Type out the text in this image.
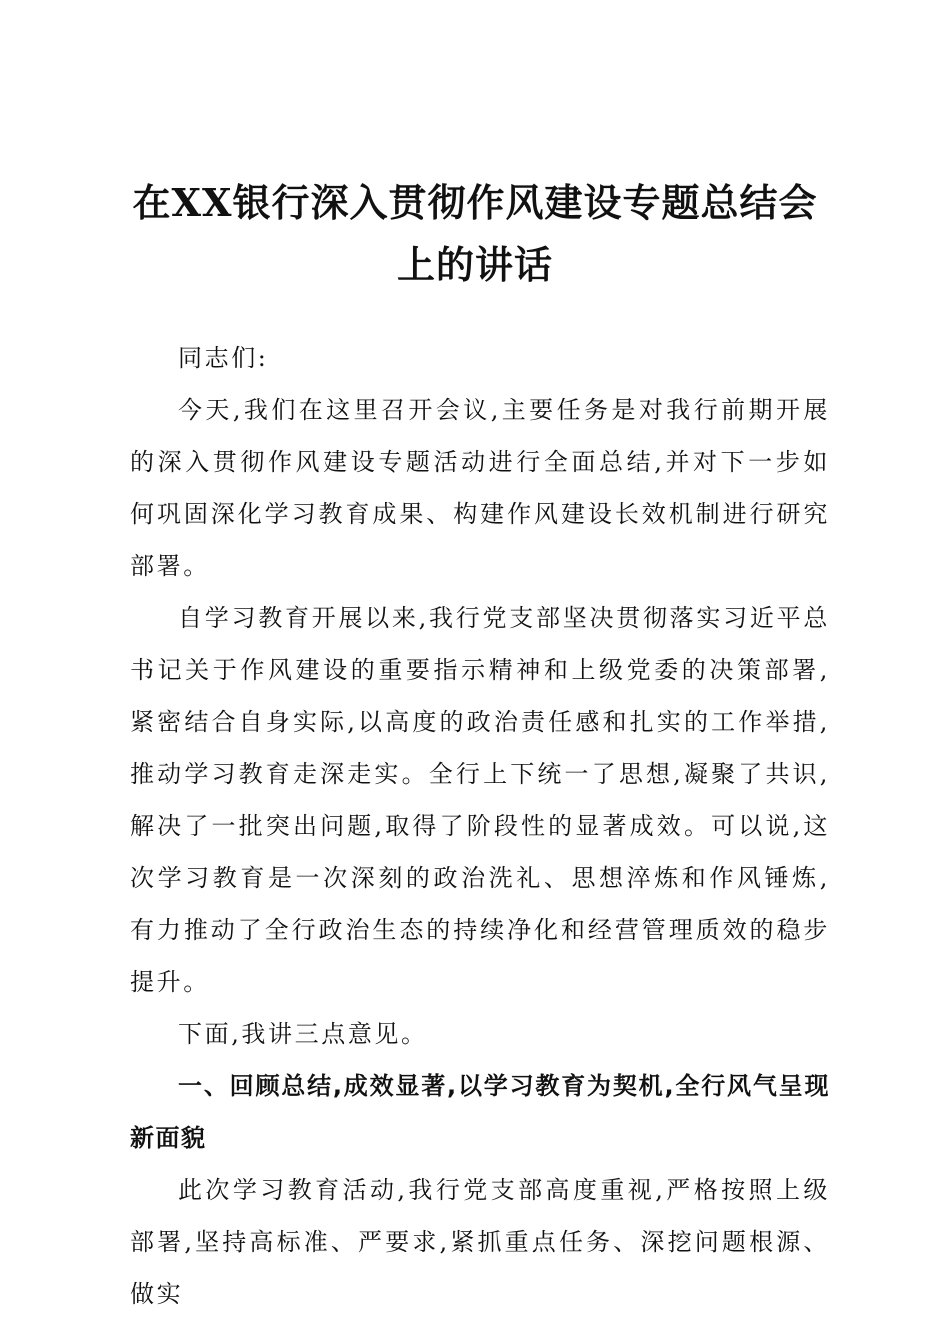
在XX银行深入贯彻作风建设专题总结会上的讲话

同志们:

今天,我们在这里召开会议,主要任务是对我行前期开展的深入贯彻作风建设专题活动进行全面总结,并对下一步如何巩固深化学习教育成果、构建作风建设长效机制进行研究部署。

自学习教育开展以来,我行党支部坚决贯彻落实习近平总书记关于作风建设的重要指示精神和上级党委的决策部署,紧密结合自身实际,以高度的政治责任感和扎实的工作举措,推动学习教育走深走实。全行上下统一了思想,凝聚了共识,解决了一批突出问题,取得了阶段性的显著成效。可以说,这次学习教育是一次深刻的政治洗礼、思想淬炼和作风锤炼,有力推动了全行政治生态的持续净化和经营管理质效的稳步提升。

下面,我讲三点意见。

一、回顾总结,成效显著,以学习教育为契机,全行风气呈现新面貌

此次学习教育活动,我行党支部高度重视,严格按照上级部署,坚持高标准、严要求,紧抓重点任务、深挖问题根源、做实
